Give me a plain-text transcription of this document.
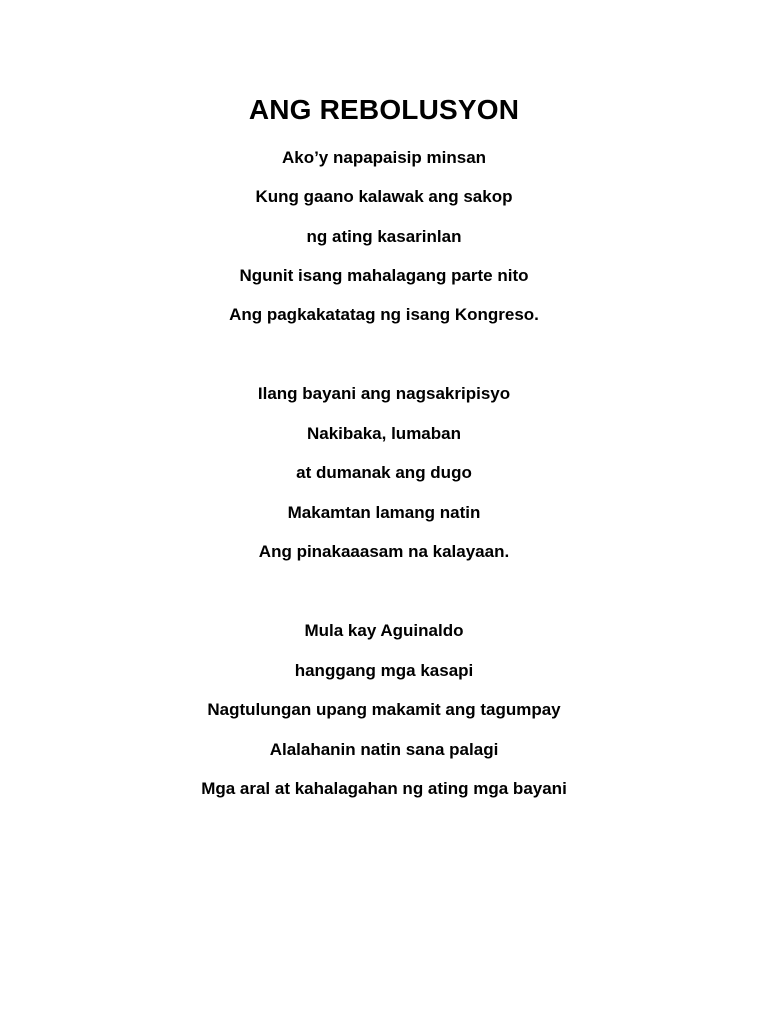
ANG REBOLUSYON

Ako’y napapaisip minsan

Kung gaano kalawak ang sakop

ng ating kasarinlan

Ngunit isang mahalagang parte nito

Ang pagkakatatag ng isang Kongreso.

Ilang bayani ang nagsakripisyo

Nakibaka, lumaban

at dumanak ang dugo

Makamtan lamang natin

Ang pinakaaasam na kalayaan.

Mula kay Aguinaldo

hanggang mga kasapi

Nagtulungan upang makamit ang tagumpay

Alalahanin natin sana palagi

Mga aral at kahalagahan ng ating mga bayani
